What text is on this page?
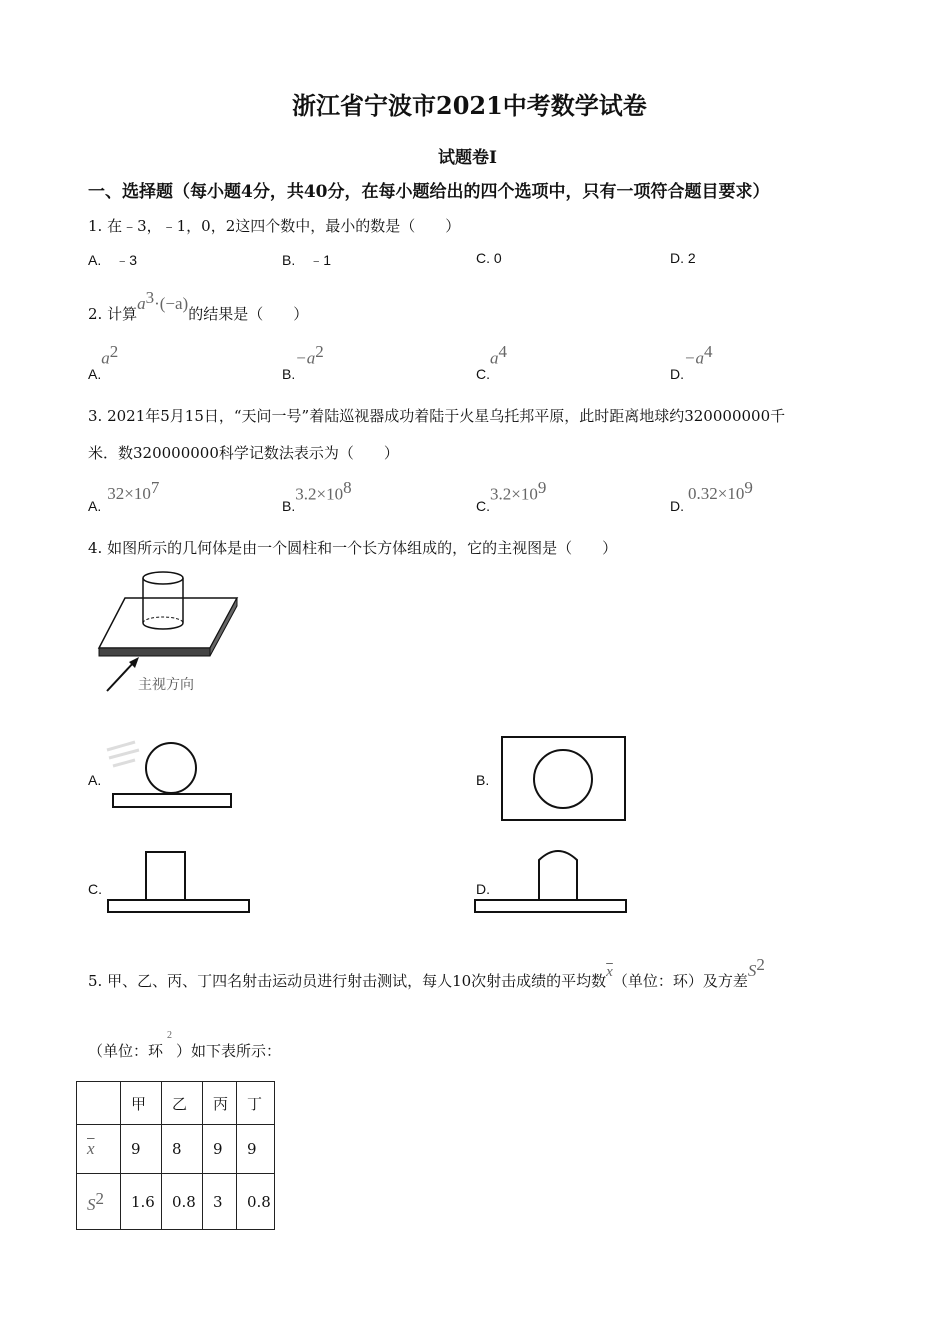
浙江省宁波市2021中考数学试卷
试题卷Ⅰ
一、选择题（每小题4分，共40分，在每小题给出的四个选项中，只有一项符合题目要求）
1. 在﹣3，﹣1，0，2这四个数中，最小的数是（　　）
A.　﹣3	B.　﹣1	C. 0	D. 2
2. 计算$a^3\cdot(-a)$的结果是（　　）
$A.a^2$
$B.-a^2$
$C.a^4$
$D.-a^4$
3. 2021年5月15日，“天问一号”着陆巡视器成功着陆于火星乌托邦平原，此时距离地球约320000000千
米．数320000000科学记数法表示为（　　）
$A.32\times 10^7$
$B.3.2\times 10^8$
$C.3.2\times 10^9$
$D.0.32\times 10^9$
4. 如图所示的几何体是由一个圆柱和一个长方体组成的，它的主视图是（　　）
主视方向
A.	B.
C.	D.
5. 甲、乙、丙、丁四名射击运动员进行射击测试，每人10次射击成绩的平均数$\overline{x}$（单位：环）及方差$S^2$
（单位：环$^2$）如下表所示：
	甲	乙	丙	丁
$\overline{x}$	9	8	9	9
$S^2$	1.6	0.8	3	0.8
